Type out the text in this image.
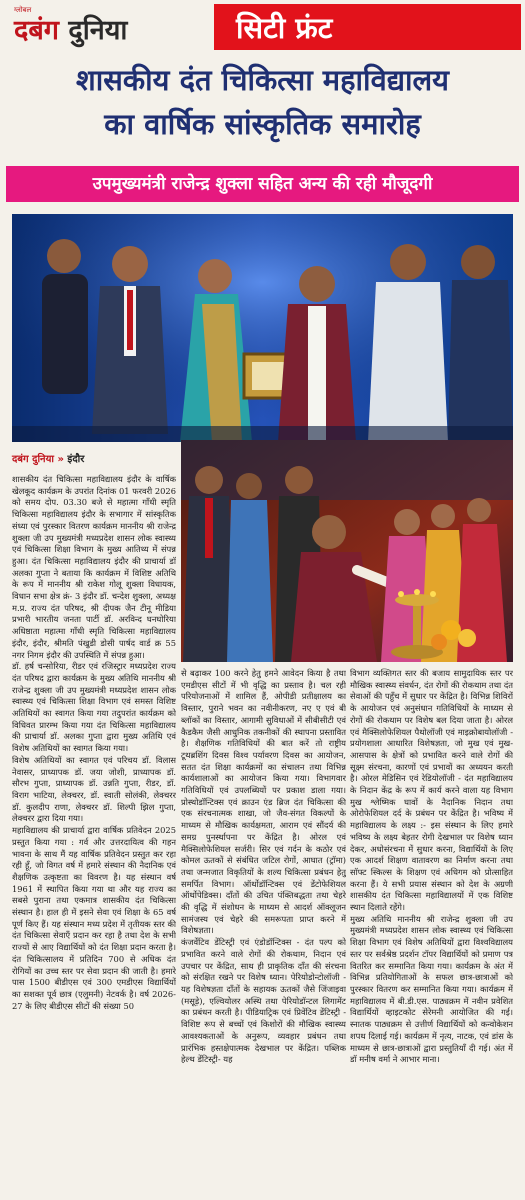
ग्लोबल
दबंग दुनिया	सिटी फ्रंट
शासकीय दंत चिकित्सा महाविद्यालय
का वार्षिक सांस्कृतिक समारोह
उपमुख्यमंत्री राजेन्द्र शुक्ला सहित अन्य की रही मौजूदगी
दबंग दुनिया » इंदौर

शासकीय दंत चिकित्सा महाविद्यालय इंदौर के वार्षिक खेलकूद कार्यक्रम के उपरांत दिनांक 01 फरवरी 2026 को समय दोप. 03.30 बजे से महात्मा गाँधी स्मृति चिकित्सा महाविद्यालय इंदौर के सभागार में सांस्कृतिक संध्या एवं पुरस्कार वितरण कार्यक्रम माननीय श्री राजेन्द्र शुक्ला जी उप मुख्यमंत्री मध्यप्रदेश शासन लोक स्वास्थ्य एवं चिकित्सा शिक्षा विभाग के मुख्य आतिथ्य में संपन्न हुआ। दंत चिकित्सा महाविद्यालय इंदौर की प्राचार्या डॉ अलका गुप्ता ने बताया कि कार्यक्रम में विशिष्ट अतिथि के रूप में माननीय श्री राकेश गोलू शुक्ला विधायक, विधान सभा क्षेत्र क्रं- 3 इंदौर डॉ. चन्देश शुक्ला, अध्यक्ष म.प्र. राज्य दंत परिषद, श्री दीपक जैन टीनू मीडिया प्रभारी भारतीय जनता पार्टी डॉ. अरविन्द घनघोरिया अधिष्ठाता महात्मा गाँधी स्मृति चिकित्सा महाविद्यालय इंदौर, इंदौर, श्रीमति पंखुडी डोसी पार्षद वार्ड क्र 55 नगर निगम इंदौर की उपस्थिति में संपन्न हुआ।

डॉ. हर्ष चन्सोरिया, रीडर एवं रजिस्ट्रार मध्यप्रदेश राज्य दंत परिषद द्वारा कार्यक्रम के मुख्य अतिथि माननीय श्री राजेन्द्र शुक्ला जी उप मुख्यमंत्री मध्यप्रदेश शासन लोक स्वास्थ्य एवं चिकित्सा शिक्षा विभाग एवं समस्त विशिष्ट अतिथियों का स्वागत किया गया तदुपरांत कार्यक्रम को विधिवत प्रारम्भ किया गया दंत चिकित्सा महाविद्यालय की प्राचार्या डॉ. अलका गुप्ता द्वारा मुख्य अतिथि एवं विशेष अतिथियों का स्वागत किया गया।

विशेष अतिथियों का स्वागत एवं परिचय डॉ. विलास नेवासर, प्राध्यापक डॉ. जया जोशी, प्राध्यापक डॉ. सौरभ गुप्ता, प्राध्यापक डॉ. उन्नति गुप्ता, रीडर, डॉ. विराग भाटिया, लेक्चरर, डॉ. स्वाती सोलंकी, लेक्चरर डॉ. कुलदीप राणा, लेक्चरर डॉ. शिल्पी झिल गुप्ता, लेक्चरर द्वारा दिया गया।

महाविद्यालय की प्राचार्या द्वारा वार्षिक प्रतिवेदन 2025 प्रस्तुत किया गया : गर्व और उत्तरदायित्व की गहन भावना के साथ मैं यह वार्षिक प्रतिवेदन प्रस्तुत कर रहा रही हूँ, जो विगत वर्ष में हमारे संस्थान की नैदानिक एवं शैक्षणिक उत्कृष्टता का विवरण है। यह संस्थान वर्ष 1961 में स्थापित किया गया था और यह राज्य का सबसे पुराना तथा एकमात्र शासकीय दंत चिकित्सा संस्थान है। हाल ही में इसने सेवा एवं शिक्षा के 65 वर्ष पूर्ण किए हैं। यह संस्थान मध्य प्रदेश में तृतीयक स्तर की दंत चिकित्सा सेवाएँ प्रदान कर रहा है तथा देश के सभी राज्यों से आए विद्यार्थियों को दंत शिक्षा प्रदान करता है। दंत चिकित्सालय में प्रतिदिन 700 से अधिक दंत रोगियों का उच्च स्तर पर सेवा प्रदान की जाती है। हमारे पास 1500 बीडीएस एवं 300 एमडीएस विद्यार्थियों का सशक्त पूर्व छात्र (एलुमनी) नेटवर्क है। वर्ष 2026-27 के लिए बीडीएस सीटों की संख्या 50

से बढ़ाकर 100 करने हेतु हमने आवेदन किया है तथा एमडीएस सीटों में भी वृद्धि का प्रस्ताव है। चल रही परियोजनाओं में शामिल हैं, ओपीडी प्रतीक्षालय का विस्तार, पुराने भवन का नवीनीकरण, नए ए एवं बी ब्लॉकों का विस्तार, आगामी सुविधाओं में सीबीसीटी एवं कैडकैम जैसी आधुनिक तकनीकों की स्थापना प्रस्तावित है। शैक्षणिक गतिविधियों की बात करें तो राष्ट्रीय टूथब्रशिंग दिवस विश्व पर्यावरण दिवस का आयोजन, सतत दंत शिक्षा कार्यक्रमों का संचालन तथा विभिन्न कार्यशालाओं का आयोजन किया गया। विभागवार गतिविधियों एवं उपलब्धियों पर प्रकाश डाला गया। प्रोस्थोडॉन्टिक्स एवं क्राउन एंड ब्रिज दंत चिकित्सा की एक संरचनात्मक शाखा, जो जैव-संगत विकल्पों के माध्यम से मौखिक कार्यक्षमता, आराम एवं सौंदर्य की समग्र पुनर्स्थापना पर केंद्रित है। ओरल एवं मैक्सिलोफेशियल सर्जरी। सिर एवं गर्दन के कठोर एवं कोमल ऊतकों से संबंधित जटिल रोगों, आघात (ट्रॉमा) तथा जन्मजात विकृतियों के शल्य चिकित्सा प्रबंधन हेतु समर्पित विभाग। ऑर्थोडॉन्टिक्स एवं डेंटोफेशियल ऑर्थोपेडिक्स। दाँतों की उचित पंक्तिबद्धता तथा चेहरे की वृद्धि में संशोधन के माध्यम से आदर्श ऑक्लूजन सामंजस्य एवं चेहरे की समरूपता प्राप्त करने में विशेषज्ञता।

कंजर्वेटिव डेंटिस्ट्री एवं एंडोडॉन्टिक्स - दंत पल्प को प्रभावित करने वाले रोगों की रोकथाम, निदान एवं उपचार पर केंद्रित, साथ ही प्राकृतिक दाँत की संरचना को संरक्षित रखने पर विशेष ध्यान। पेरियोडोन्टोलॉजी - यह विशेषज्ञता दाँतों के सहायक ऊतकों जैसे जिंजाइवा (मसूड़े), एल्वियोलर अस्थि तथा पेरियोडॉन्टल लिगामेंट का प्रबंधन करती है। पीडियाट्रिक एवं प्रिवेंटिव डेंटिस्ट्री - विशिष्ट रूप से बच्चों एवं किशोरों की मौखिक स्वास्थ्य आवश्यकताओं के अनुरूप, व्यवहार प्रबंधन तथा प्रारंभिक हस्तक्षेपात्मक देखभाल पर केंद्रित। पब्लिक हेल्थ डेंटिस्ट्री- यह

विभाग व्यक्तिगत स्तर की बजाय सामुदायिक स्तर पर मौखिक स्वास्थ्य संवर्धन, दंत रोगों की रोकथाम तथा दंत सेवाओं की पहुँच में सुधार पर केंद्रित है। विभिन्न शिविरों के आयोजन एवं अनुसंधान गतिविधियों के माध्यम से रोगों की रोकथाम पर विशेष बल दिया जाता है। ओरल एवं मैक्सिलोफेशियल पैथोलॉजी एवं माइक्रोबायोलॉजी - प्रयोगशाला आधारित विशेषज्ञता, जो मुख एवं मुख-आसपास के क्षेत्रों को प्रभावित करने वाले रोगों की सूक्ष्म संरचना, कारणों एवं प्रभावों का अध्ययन करती है। ओरल मेडिसिन एवं रेडियोलॉजी - दंत महाविद्यालय के निदान केंद्र के रूप में कार्य करने वाला यह विभाग मुख श्लेष्मिक घावों के नैदानिक निदान तथा ओरोफेशियल दर्द के प्रबंधन पर केंद्रित है। भविष्य में महाविद्यालय के लक्ष्य :- इस संस्थान के लिए हमारे भविष्य के लक्ष्य बेहतर रोगी देखभाल पर विशेष ध्यान देकर, अधोसंरचना में सुधार करना, विद्यार्थियों के लिए एक आदर्श शिक्षण वातावरण का निर्माण करना तथा सॉफ्ट स्किल्स के शिक्षण एवं अधिगम को प्रोत्साहित करना हैं। ये सभी प्रयास संस्थान को देश के अग्रणी शासकीय दंत चिकित्सा महाविद्यालयों में एक विशिष्ट स्थान दिलाते रहेंगे।

मुख्य अतिथि माननीय श्री राजेन्द्र शुक्ला जी उप मुख्यमंत्री मध्यप्रदेश शासन लोक स्वास्थ्य एवं चिकित्सा शिक्षा विभाग एवं विशेष अतिथियों द्वारा विश्वविद्यालय स्तर पर सर्वश्रेष्ठ प्रदर्शन टॉपर विद्यार्थियों को प्रमाण पत्र वितरित कर सम्मानित किया गया। कार्यक्रम के अंत में विभिन्न प्रतियोगिताओं के सफल छात्र-छात्राओं को पुरस्कार वितरण कर सम्मानित किया गया। कार्यक्रम में महाविद्यालय में बी.डी.एस. पाठ्यक्रम में नवीन प्रवेशित विद्यार्थियों व्हाइटकोट सेरेमनी आयोजित की गई। स्नातक पाठ्यक्रम से उत्तीर्ण विद्यार्थियों को कन्वोकेशन शपथ दिलाई गई। कार्यक्रम में नृत्य, नाटक, एवं डांस के माध्यम से छात्र-छात्राओं द्वारा प्रस्तुतियाँ दी गई। अंत में डॉ मनीष वर्मा ने आभार माना।
